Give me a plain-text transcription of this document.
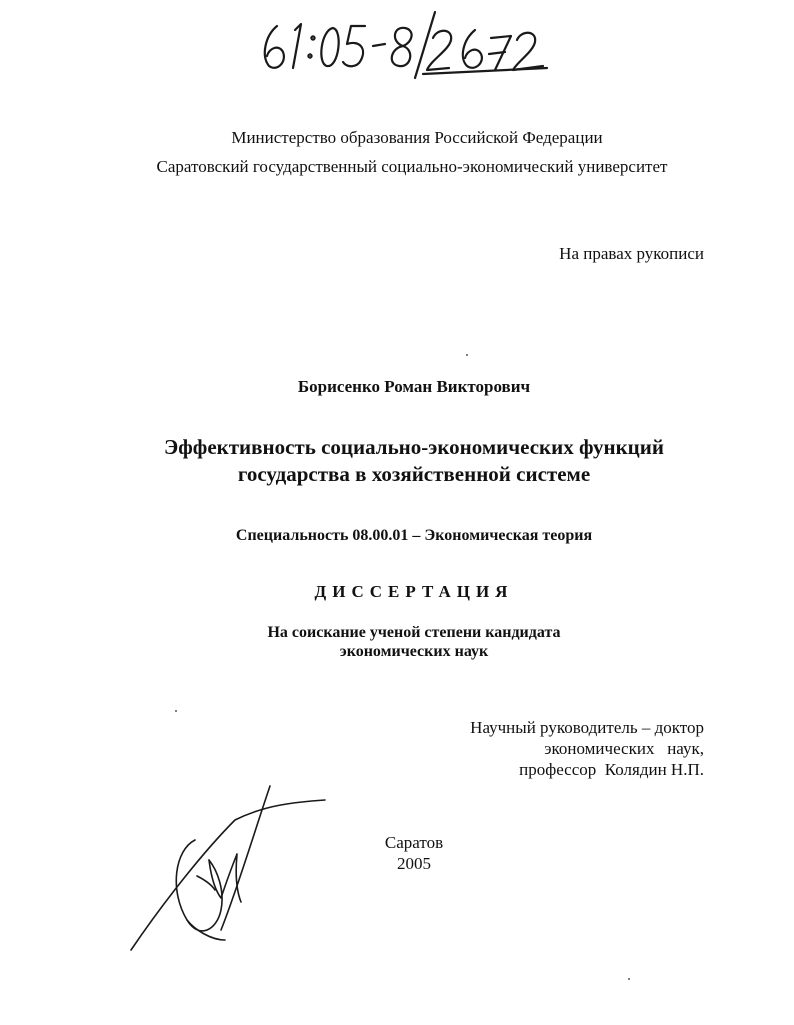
Министерство образования Российской Федерации
Саратовский государственный социально-экономический университет
На правах рукописи
Борисенко Роман Викторович
Эффективность социально-экономических функций
государства в хозяйственной системе
Специальность 08.00.01 – Экономическая теория
ДИССЕРТАЦИЯ
На соискание ученой степени кандидата
экономических наук
Научный руководитель – доктор
экономических   наук,
профессор  Колядин Н.П.
Саратов
2005
